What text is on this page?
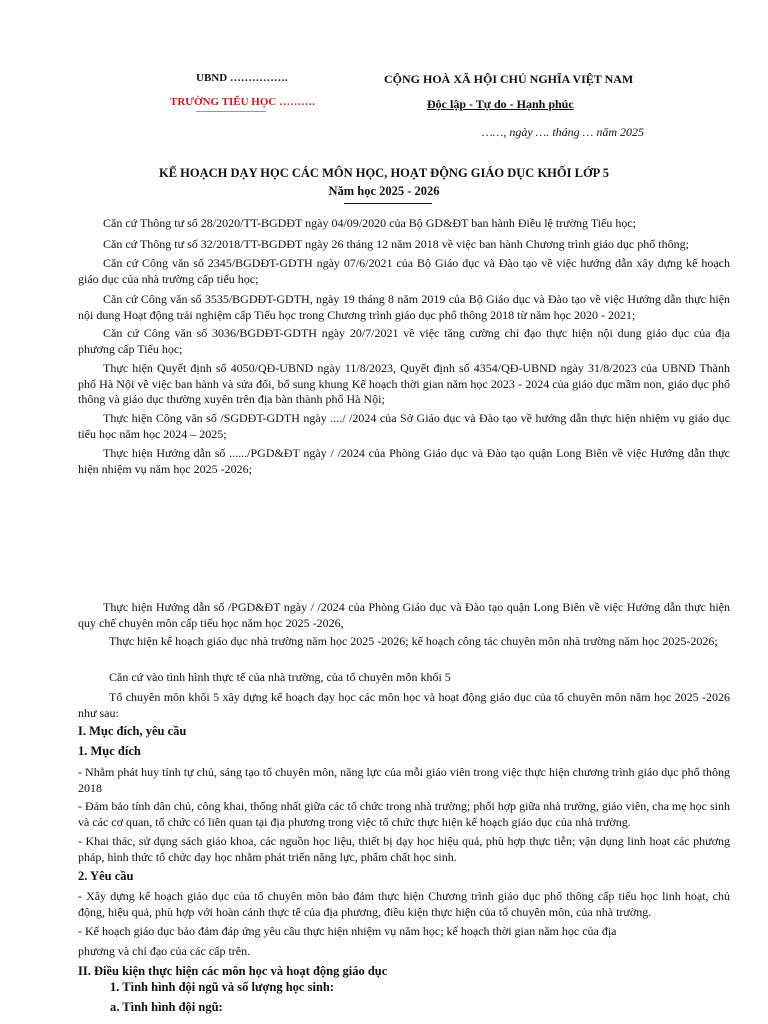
UBND …………….
TRƯỜNG TIỂU HỌC ……….
CỘNG HOÀ XÃ HỘI CHỦ NGHĨA VIỆT NAM
Độc lập - Tự do - Hạnh phúc
……, ngày …. tháng … năm 2025
KẾ HOẠCH DẠY HỌC CÁC MÔN HỌC, HOẠT ĐỘNG GIÁO DỤC KHỐI LỚP 5
Năm học 2025 - 2026

Căn cứ Thông tư số 28/2020/TT-BGDĐT ngày 04/09/2020 của Bộ GD&ĐT ban hành Điều lệ trường Tiểu học;

Căn cứ Thông tư số 32/2018/TT-BGDĐT ngày 26 tháng 12 năm 2018 về việc ban hành Chương trình giáo dục phổ thông;

Căn cứ Công văn số 2345/BGDĐT-GDTH ngày 07/6/2021 của Bộ Giáo dục và Đào tạo về việc hướng dẫn xây dựng kế hoạch giáo dục của nhà trường cấp tiểu học;

Căn cứ Công văn số 3535/BGDĐT-GDTH, ngày 19 tháng 8 năm 2019 của Bộ Giáo dục và Đào tạo về việc Hướng dẫn thực hiện nội dung Hoạt động trải nghiệm cấp Tiểu học trong Chương trình giáo dục phổ thông 2018 từ năm học 2020 - 2021;

Căn cứ Công văn số 3036/BGDĐT-GDTH ngày 20/7/2021 về việc tăng cường chỉ đạo thực hiện nội dung giáo dục của địa phương cấp Tiểu học;

Thực hiện Quyết định số 4050/QĐ-UBND ngày 11/8/2023, Quyết định số 4354/QĐ-UBND ngày 31/8/2023 của UBND Thành phố Hà Nội về việc ban hành và sửa đổi, bổ sung khung Kế hoạch thời gian năm học 2023 - 2024 của giáo dục mầm non, giáo dục phổ thông và giáo dục thường xuyên trên địa bàn thành phố Hà Nội;

Thực hiện Công văn số /SGDĐT-GDTH ngày ..../ /2024 của Sở Giáo dục và Đào tạo về hướng dẫn thực hiện nhiệm vụ giáo dục tiểu học năm học 2024 – 2025;

Thực hiện Hướng dẫn số ....../PGD&ĐT ngày / /2024 của Phòng Giáo dục và Đào tạo quận Long Biên về việc Hướng dẫn thực hiện nhiệm vụ năm học 2025 -2026;

Thực hiện Hướng dẫn số /PGD&ĐT ngày / /2024 của Phòng Giáo dục và Đào tạo quận Long Biên về việc Hướng dẫn thực hiện quy chế chuyên môn cấp tiểu học năm học 2025 -2026,

Thực hiện kế hoạch giáo dục nhà trường năm học 2025 -2026; kế hoạch công tác chuyên môn nhà trường năm học 2025-2026;

Căn cứ vào tình hình thực tế của nhà trường, của tổ chuyên môn khối 5

Tổ chuyên môn khối 5 xây dựng kế hoạch dạy học các môn học và hoạt động giáo dục của tổ chuyên môn năm học 2025 -2026 như sau:

I. Mục đích, yêu cầu
1. Mục đích

- Nhằm phát huy tính tự chủ, sáng tạo tổ chuyên môn, năng lực của mỗi giáo viên trong việc thực hiện chương trình giáo dục phổ thông 2018

- Đảm bảo tính dân chủ, công khai, thống nhất giữa các tổ chức trong nhà trường; phối hợp giữa nhà trường, giáo viên, cha mẹ học sinh và các cơ quan, tổ chức có liên quan tại địa phương trong việc tổ chức thực hiện kế hoạch giáo dục của nhà trường.

- Khai thác, sử dụng sách giáo khoa, các nguồn học liệu, thiết bị dạy học hiệu quả, phù hợp thực tiễn; vận dụng linh hoạt các phương pháp, hình thức tổ chức dạy học nhằm phát triển năng lực, phẩm chất học sinh.

2. Yêu cầu

- Xây dựng kế hoạch giáo dục của tổ chuyên môn bảo đảm thực hiện Chương trình giáo dục phổ thông cấp tiểu học linh hoạt, chủ động, hiệu quả, phù hợp với hoàn cảnh thực tế của địa phương, điều kiện thực hiện của tổ chuyên môn, của nhà trường.

- Kế hoạch giáo dục bảo đảm đáp ứng yêu cầu thực hiện nhiệm vụ năm học; kế hoạch thời gian năm học của địa

phương và chỉ đạo của các cấp trên.

II. Điều kiện thực hiện các môn học và hoạt động giáo dục
1. Tình hình đội ngũ và số lượng học sinh:
a. Tình hình đội ngũ:
